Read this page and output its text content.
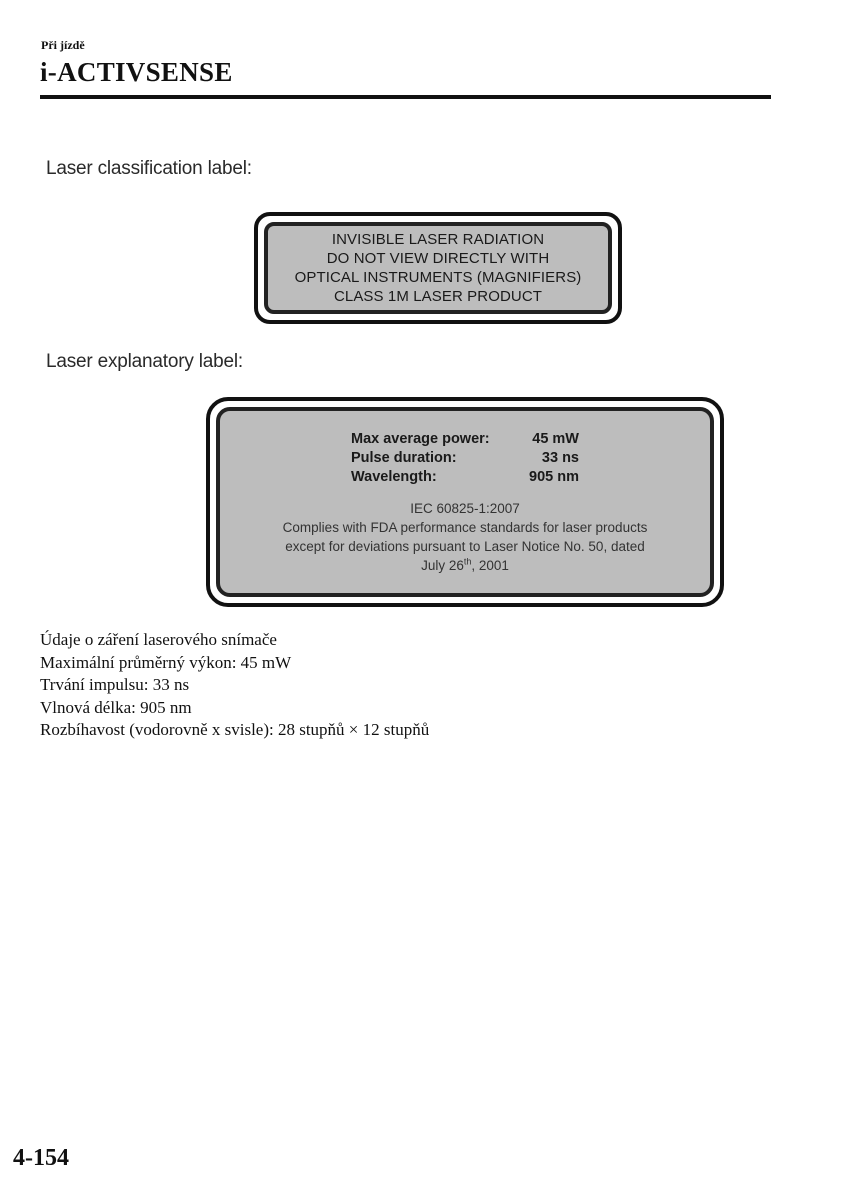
Při jízdě
i-ACTIVSENSE
Laser classification label:
INVISIBLE LASER RADIATION
DO NOT VIEW DIRECTLY WITH
OPTICAL INSTRUMENTS (MAGNIFIERS)
CLASS 1M LASER PRODUCT
Laser explanatory label:
Max average power:	45 mW
Pulse duration:	33 ns
Wavelength:	905 nm
IEC 60825-1:2007
Complies with FDA performance standards for laser products
except for deviations pursuant to Laser Notice No. 50, dated
July 26th, 2001
Údaje o záření laserového snímače
Maximální průměrný výkon: 45 mW
Trvání impulsu: 33 ns
Vlnová délka: 905 nm
Rozbíhavost (vodorovně x svisle): 28 stupňů × 12 stupňů
4-154
